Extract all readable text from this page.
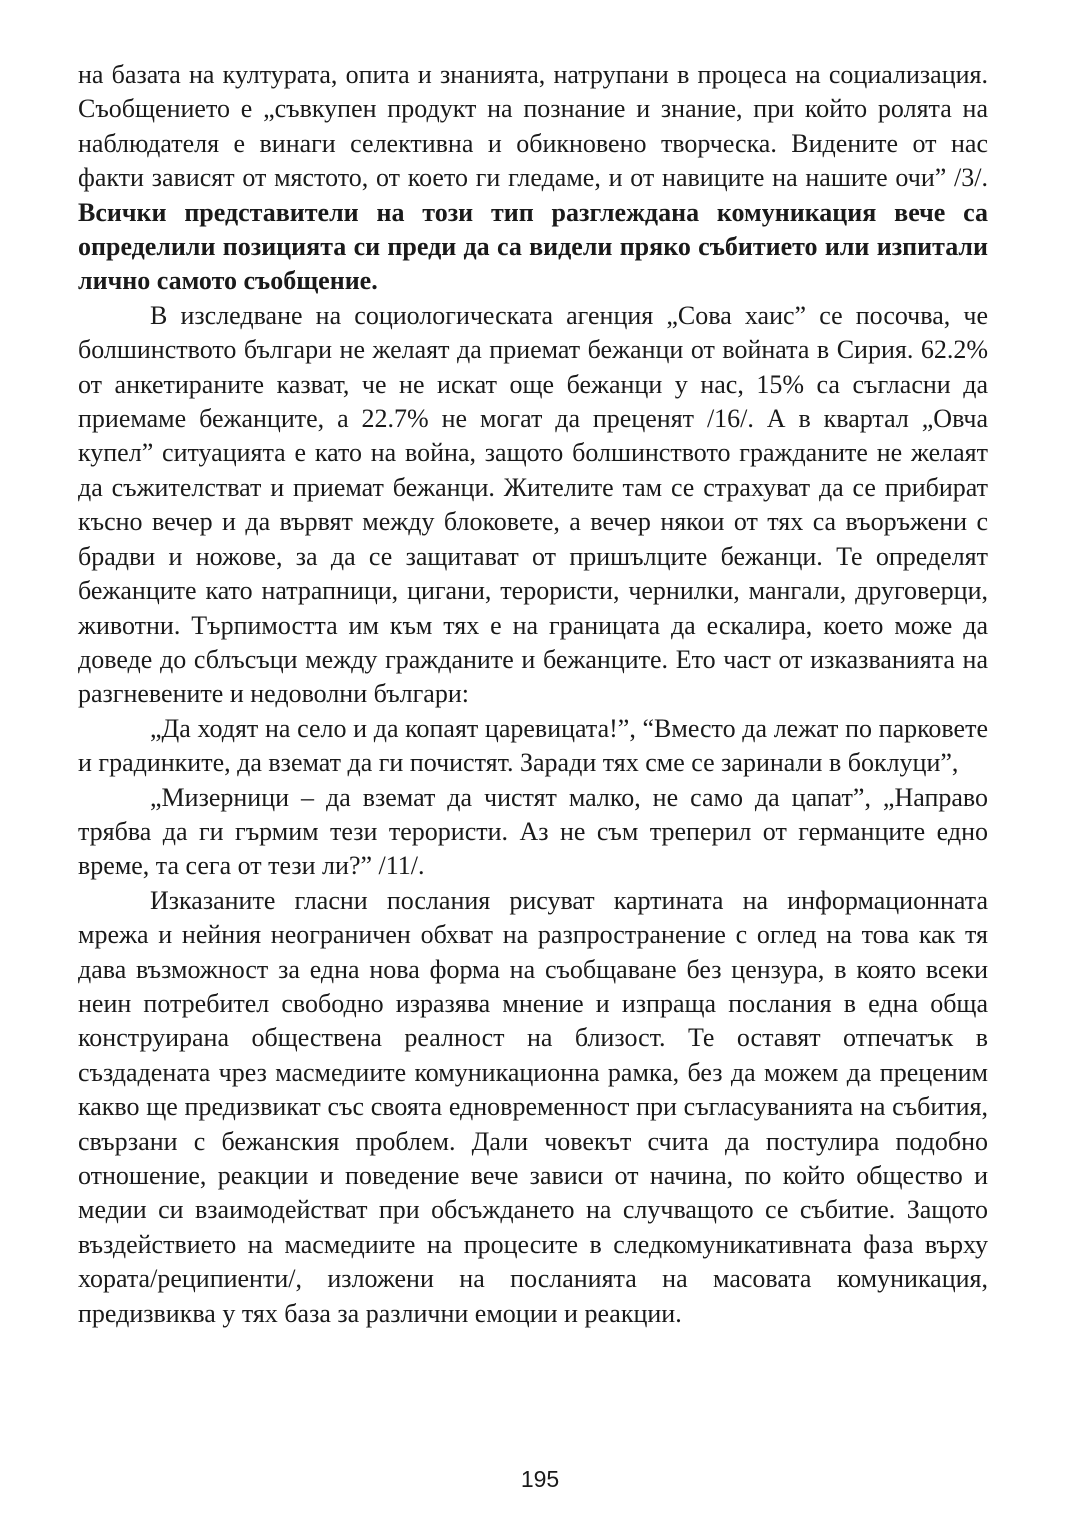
на базата на културата, опита и знанията, натрупани в процеса на социализация. Съобщението е „съвкупен продукт на познание и знание, при който ролята на наблюдателя е винаги селективна и обикновено творческа. Видените от нас факти зависят от мястото, от което ги гледаме, и от навиците на нашите очи” /3/. Всички представители на този тип разглеждана комуникация вече са определили позицията си преди да са видели пряко събитието или изпитали лично самото съобщение.

В изследване на социологическата агенция „Сова хаис” се посочва, че болшинството българи не желаят да приемат бежанци от войната в Сирия. 62.2% от анкетираните казват, че не искат още бежанци у нас, 15% са съгласни да приемаме бежанците, а 22.7% не могат да преценят /16/. А в квартал „Овча купел” ситуацията е като на война, защото болшинството гражданите не желаят да съжителстват и приемат бежанци. Жителите там се страхуват да се прибират късно вечер и да вървят между блоковете, а вечер някои от тях са въоръжени с брадви и ножове, за да се защитават от пришълците бежанци. Те определят бежанците като натрапници, цигани, терористи, чернилки, мангали, друговерци, животни. Търпимостта им към тях е на границата да ескалира, което може да доведе до сблъсъци между гражданите и бежанците. Ето част от изказванията на разгневените и недоволни българи:

„Да ходят на село и да копаят царевицата!”, “Вместо да лежат по парковете и градинките, да вземат да ги почистят. Заради тях сме се заринали в боклуци”,

„Мизерници – да вземат да чистят малко, не само да цапат”, „Направо трябва да ги гърмим тези терористи. Аз не съм треперил от германците едно време, та сега от тези ли?” /11/.

Изказаните гласни послания рисуват картината на информационната мрежа и нейния неограничен обхват на разпространение с оглед на това как тя дава възможност за една нова форма на съобщаване без цензура, в която всеки неин потребител свободно изразява мнение и изпраща послания в една обща конструирана обществена реалност на близост. Те оставят отпечатък в създадената чрез масмедиите комуникационна рамка, без да можем да преценим какво ще предизвикат със своята едновременност при съгласуванията на събития, свързани с бежанския проблем. Дали човекът счита да постулира подобно отношение, реакции и поведение вече зависи от начина, по който общество и медии си взаимодействат при обсъждането на случващото се събитие. Защото въздействието на масмедиите на процесите в следкомуникативната фаза върху хората/реципиенти/, изложени на посланията на масовата комуникация, предизвиква у тях база за различни емоции и реакции.

195
